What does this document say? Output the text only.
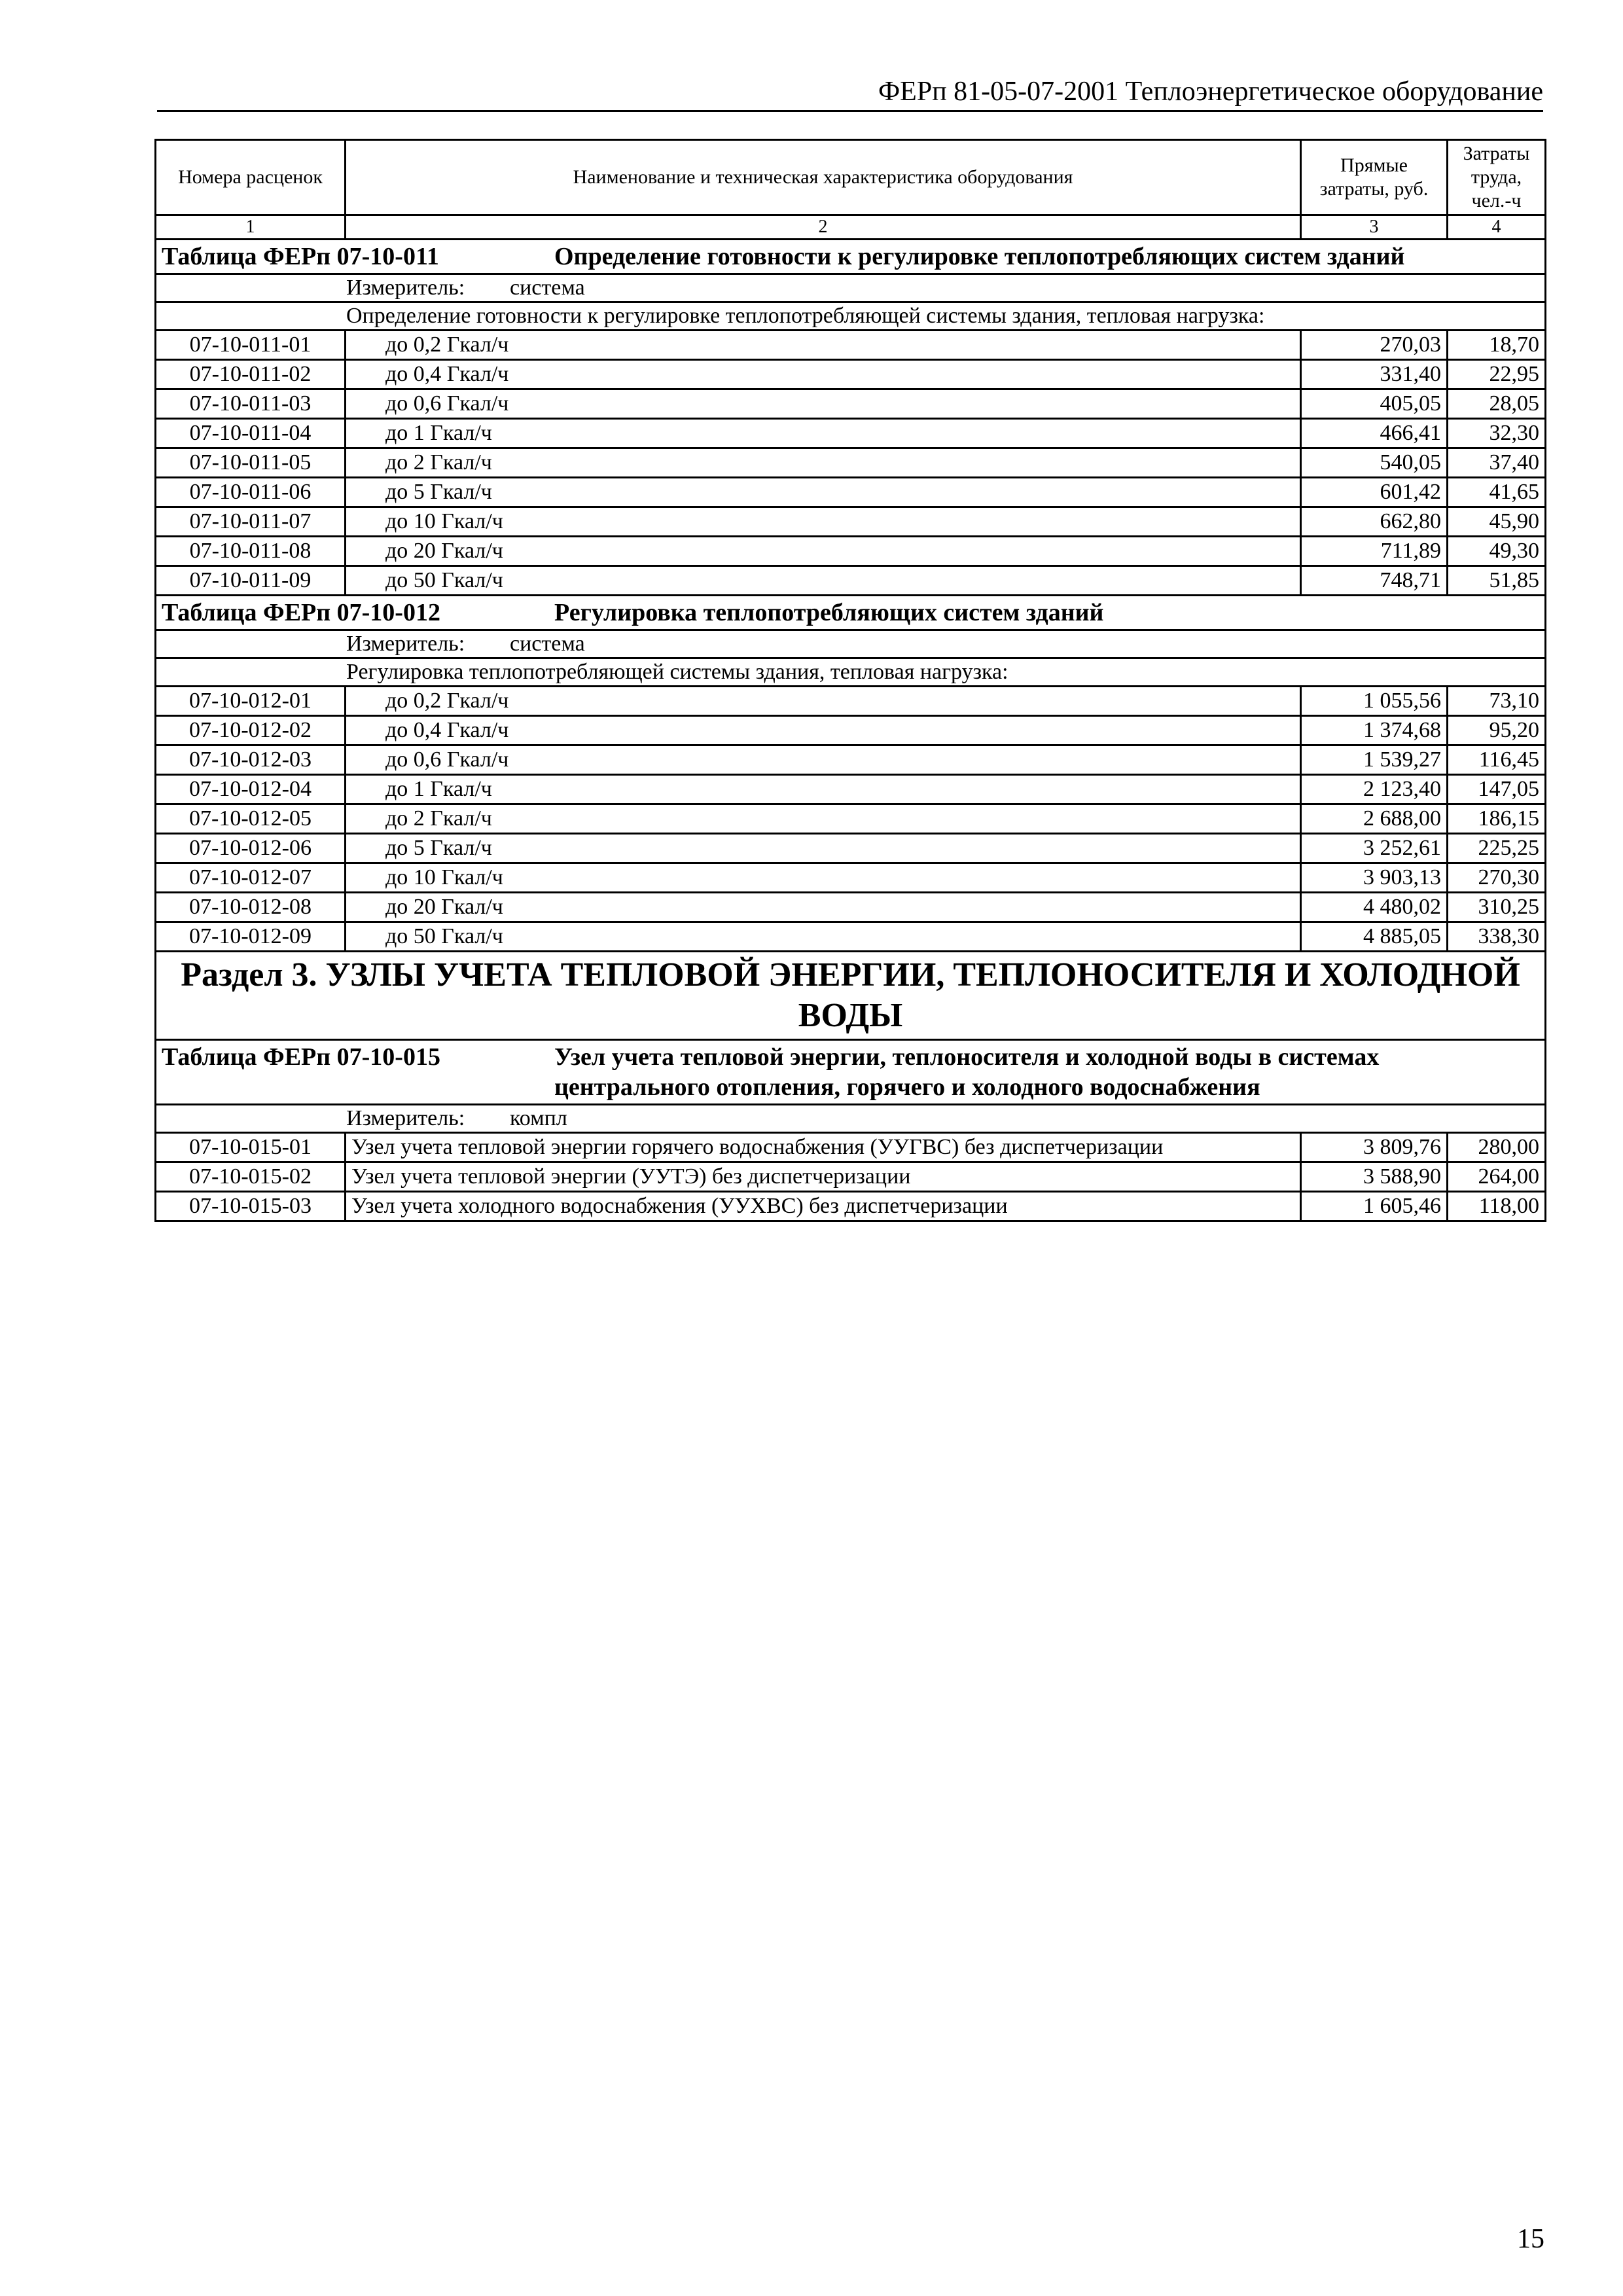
ФЕРп 81-05-07-2001 Теплоэнергетическое оборудование
Номера расценок	Наименование и техническая характеристика оборудования	Прямые затраты, руб.	Затраты труда, чел.-ч
1	2	3	4
Таблица ФЕРп 07-10-011 Определение готовности к регулировке теплопотребляющих систем зданий			
Измеритель: система			
Определение готовности к регулировке теплопотребляющей системы здания, тепловая нагрузка:			
07-10-011-01	до 0,2 Гкал/ч	270,03	18,70
07-10-011-02	до 0,4 Гкал/ч	331,40	22,95
07-10-011-03	до 0,6 Гкал/ч	405,05	28,05
07-10-011-04	до 1 Гкал/ч	466,41	32,30
07-10-011-05	до 2 Гкал/ч	540,05	37,40
07-10-011-06	до 5 Гкал/ч	601,42	41,65
07-10-011-07	до 10 Гкал/ч	662,80	45,90
07-10-011-08	до 20 Гкал/ч	711,89	49,30
07-10-011-09	до 50 Гкал/ч	748,71	51,85
Таблица ФЕРп 07-10-012 Регулировка теплопотребляющих систем зданий			
Измеритель: система			
Регулировка теплопотребляющей системы здания, тепловая нагрузка:			
07-10-012-01	до 0,2 Гкал/ч	1 055,56	73,10
07-10-012-02	до 0,4 Гкал/ч	1 374,68	95,20
07-10-012-03	до 0,6 Гкал/ч	1 539,27	116,45
07-10-012-04	до 1 Гкал/ч	2 123,40	147,05
07-10-012-05	до 2 Гкал/ч	2 688,00	186,15
07-10-012-06	до 5 Гкал/ч	3 252,61	225,25
07-10-012-07	до 10 Гкал/ч	3 903,13	270,30
07-10-012-08	до 20 Гкал/ч	4 480,02	310,25
07-10-012-09	до 50 Гкал/ч	4 885,05	338,30
Раздел 3. УЗЛЫ УЧЕТА ТЕПЛОВОЙ ЭНЕРГИИ, ТЕПЛОНОСИТЕЛЯ И ХОЛОДНОЙ ВОДЫ			
Таблица ФЕРп 07-10-015 Узел учета тепловой энергии, теплоносителя и холодной воды в системах центрального отопления, горячего и холодного водоснабжения			
Измеритель: компл			
07-10-015-01	Узел учета тепловой энергии горячего водоснабжения (УУГВС) без диспетчеризации	3 809,76	280,00
07-10-015-02	Узел учета тепловой энергии (УУТЭ) без диспетчеризации	3 588,90	264,00
07-10-015-03	Узел учета холодного водоснабжения (УУХВС) без диспетчеризации	1 605,46	118,00
15
